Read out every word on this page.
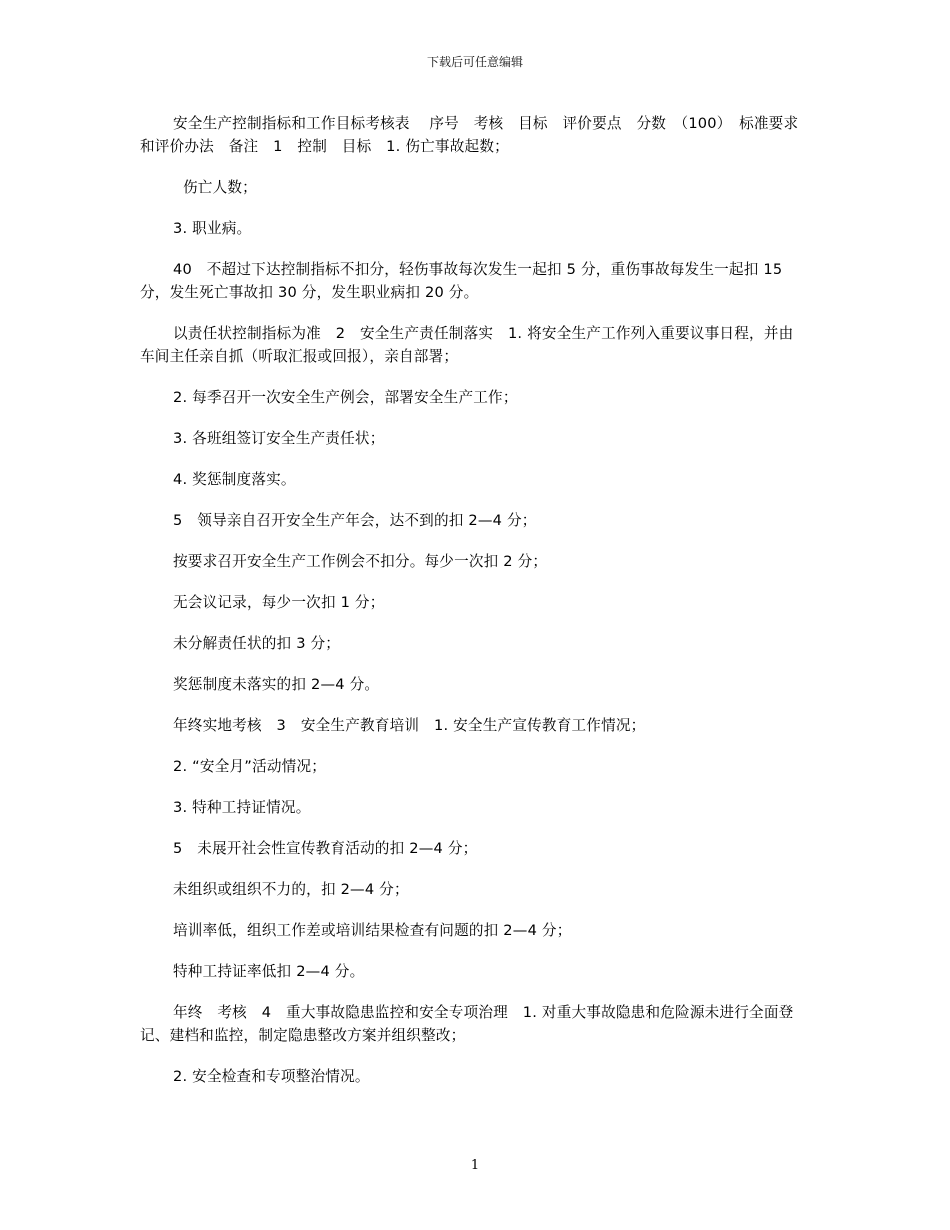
下载后可任意编辑

安全生产控制指标和工作目标考核表　 序号　考核　目标　评价要点　分数　（100）　标准要求和评价办法　备注　1　控制　目标　1. 伤亡事故起数；

伤亡人数；

3. 职业病。

40　不超过下达控制指标不扣分，轻伤事故每次发生一起扣 5 分，重伤事故每发生一起扣 15 分，发生死亡事故扣 30 分，发生职业病扣 20 分。

以责任状控制指标为准　2　安全生产责任制落实　1. 将安全生产工作列入重要议事日程，并由车间主任亲自抓（听取汇报或回报），亲自部署；

2. 每季召开一次安全生产例会，部署安全生产工作；

3. 各班组签订安全生产责任状；

4. 奖惩制度落实。

5　领导亲自召开安全生产年会，达不到的扣 2—4 分；

按要求召开安全生产工作例会不扣分。每少一次扣 2 分；

无会议记录，每少一次扣 1 分；

未分解责任状的扣 3 分；

奖惩制度未落实的扣 2—4 分。

年终实地考核　3　安全生产教育培训　1. 安全生产宣传教育工作情况；

2. “安全月”活动情况；

3. 特种工持证情况。

5　未展开社会性宣传教育活动的扣 2—4 分；

未组织或组织不力的，扣 2—4 分；

培训率低，组织工作差或培训结果检查有问题的扣 2—4 分；

特种工持证率低扣 2—4 分。

年终　考核　4　重大事故隐患监控和安全专项治理　1. 对重大事故隐患和危险源未进行全面登记、建档和监控，制定隐患整改方案并组织整改；

2. 安全检查和专项整治情况。

1
